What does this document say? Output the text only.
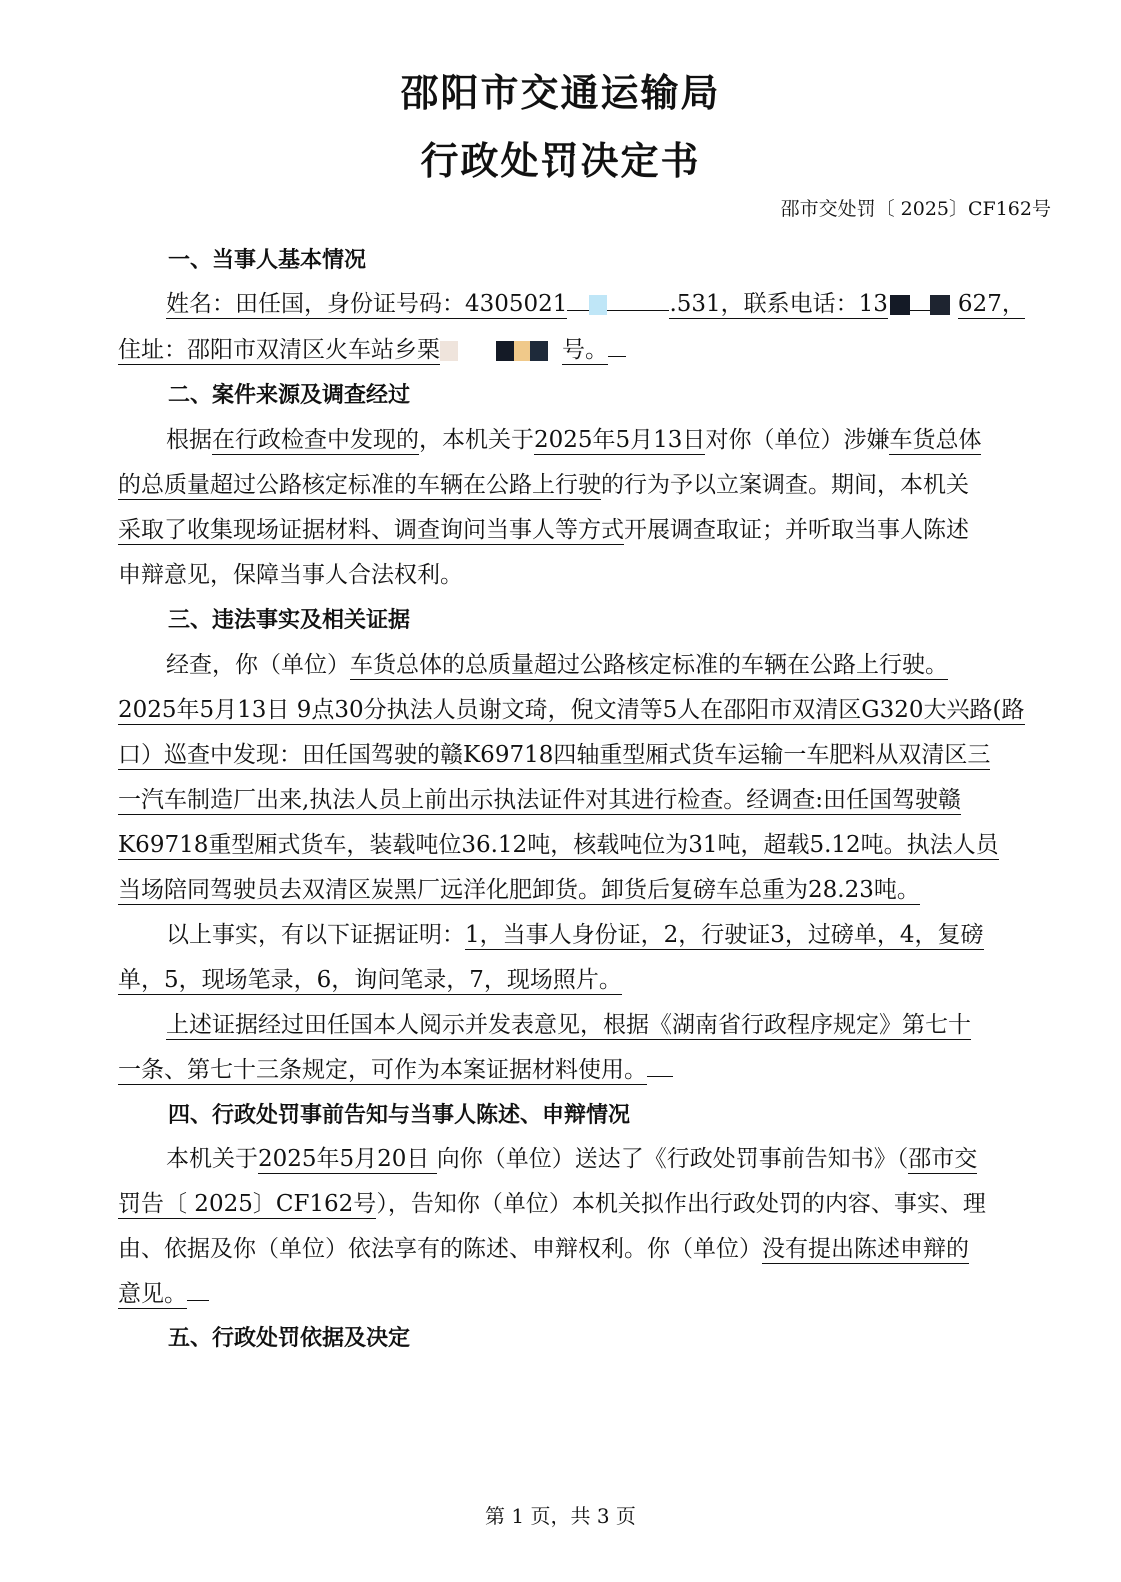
邵阳市交通运输局
行政处罚决定书
邵市交处罚〔 2025〕CF162号
一、当事人基本情况
姓名：田任国，身份证号码：4305021	.531，联系电话：13	627，
住址：邵阳市双清区火车站乡栗	号。
二、案件来源及调查经过
根据在行政检查中发现的，本机关于2025年5月13日对你（单位）涉嫌车货总体
的总质量超过公路核定标准的车辆在公路上行驶的行为予以立案调查。期间，本机关
采取了收集现场证据材料、调查询问当事人等方式开展调查取证；并听取当事人陈述
申辩意见，保障当事人合法权利。
三、违法事实及相关证据
经查，你（单位）车货总体的总质量超过公路核定标准的车辆在公路上行驶。
2025年5月13日 9点30分执法人员谢文琦，倪文清等5人在邵阳市双清区G320大兴路(路
口）巡查中发现：田任国驾驶的赣K69718四轴重型厢式货车运输一车肥料从双清区三
一汽车制造厂出来,执法人员上前出示执法证件对其进行检查。经调查:田任国驾驶赣
K69718重型厢式货车，装载吨位36.12吨，核载吨位为31吨，超载5.12吨。执法人员
当场陪同驾驶员去双清区炭黑厂远洋化肥卸货。卸货后复磅车总重为28.23吨。
以上事实，有以下证据证明：1，当事人身份证，2，行驶证3，过磅单，4，复磅
单，5，现场笔录，6，询问笔录，7，现场照片。
上述证据经过田任国本人阅示并发表意见，根据《湖南省行政程序规定》第七十
一条、第七十三条规定，可作为本案证据材料使用。
四、行政处罚事前告知与当事人陈述、申辩情况
本机关于2025年5月20日 向你（单位）送达了《行政处罚事前告知书》（邵市交
罚告〔 2025〕CF162号），告知你（单位）本机关拟作出行政处罚的内容、事实、理
由、依据及你（单位）依法享有的陈述、申辩权利。你（单位）没有提出陈述申辩的
意见。
五、行政处罚依据及决定
第 1 页，共 3 页
